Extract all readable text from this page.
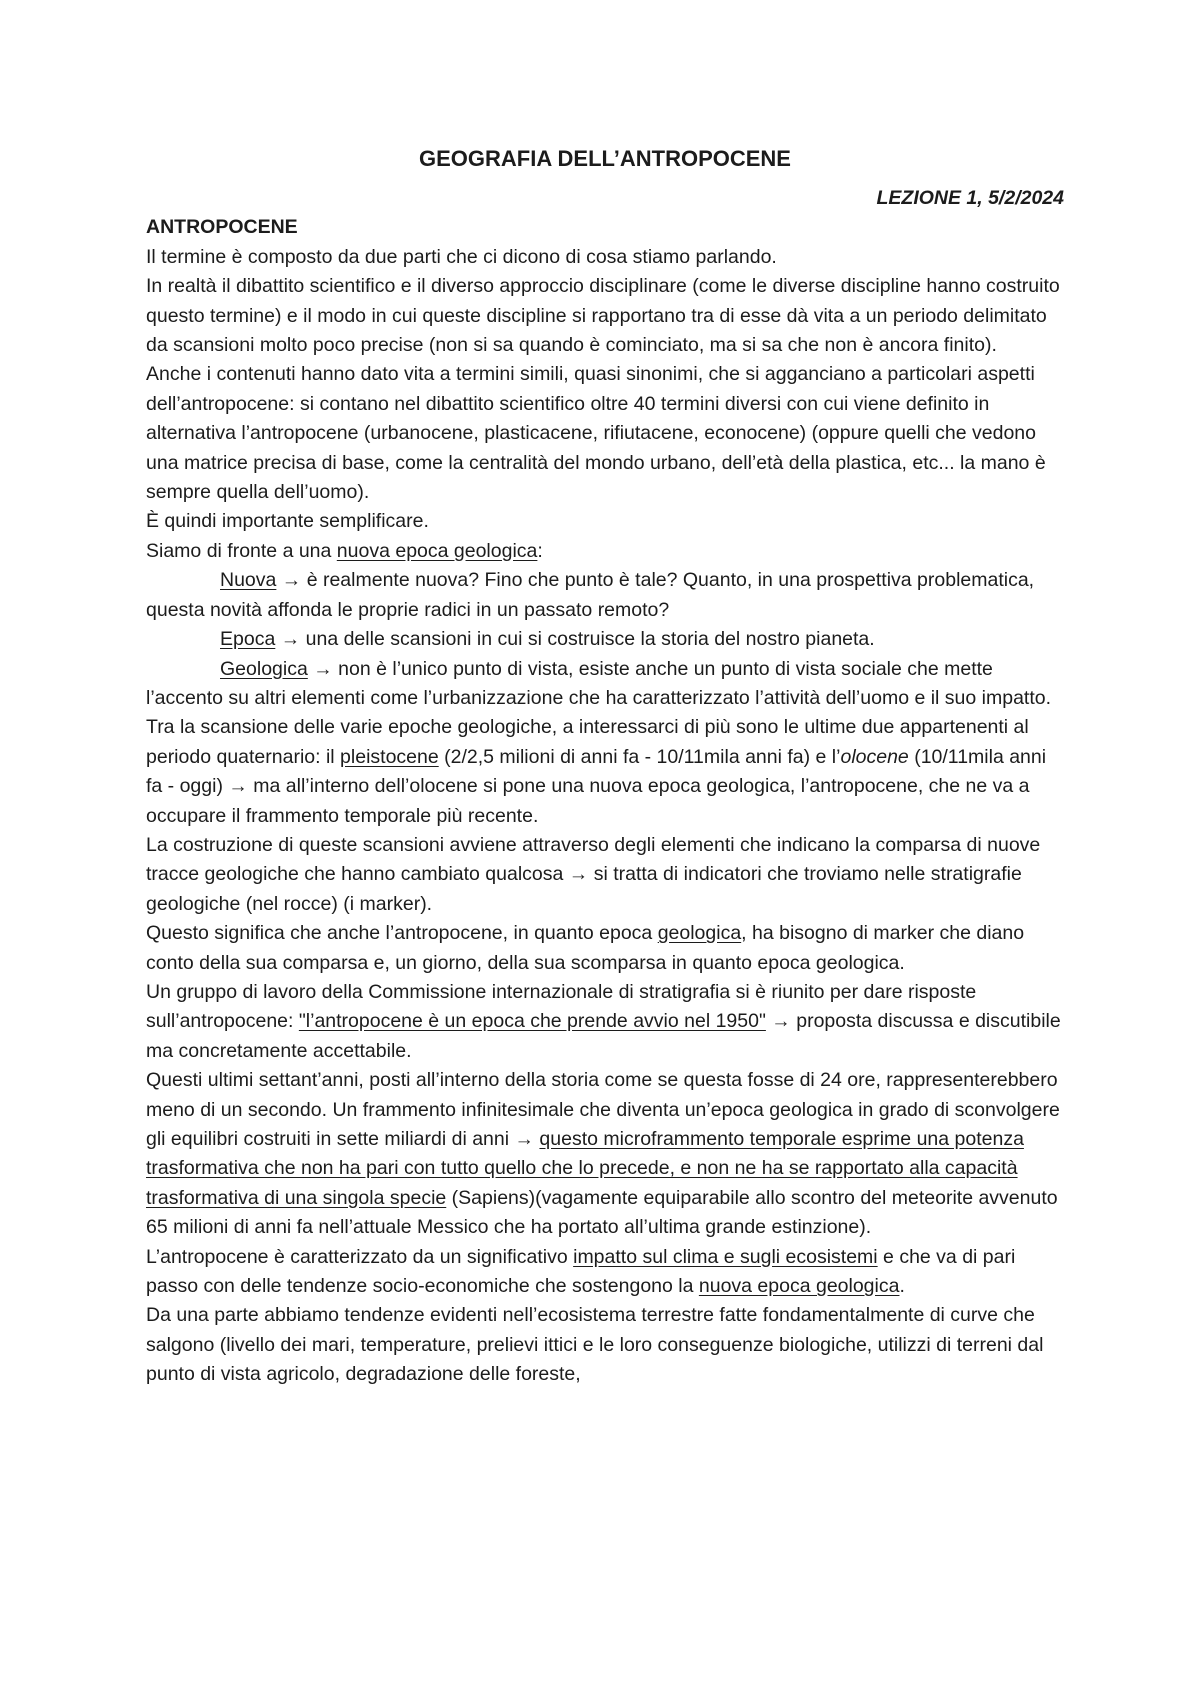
GEOGRAFIA DELL’ANTROPOCENE

LEZIONE 1, 5/2/2024

ANTROPOCENE

Il termine è composto da due parti che ci dicono di cosa stiamo parlando.

In realtà il dibattito scientifico e il diverso approccio disciplinare (come le diverse discipline hanno costruito questo termine) e il modo in cui queste discipline si rapportano tra di esse dà vita a un periodo delimitato da scansioni molto poco precise (non si sa quando è cominciato, ma si sa che non è ancora finito).

Anche i contenuti hanno dato vita a termini simili, quasi sinonimi, che si agganciano a particolari aspetti dell’antropocene: si contano nel dibattito scientifico oltre 40 termini diversi con cui viene definito in alternativa l’antropocene (urbanocene, plasticacene, rifiutacene, econocene) (oppure quelli che vedono una matrice precisa di base, come la centralità del mondo urbano, dell’età della plastica, etc... la mano è sempre quella dell’uomo).

È quindi importante semplificare.

Siamo di fronte a una nuova epoca geologica:

Nuova → è realmente nuova? Fino che punto è tale? Quanto, in una prospettiva problematica, questa novità affonda le proprie radici in un passato remoto?

Epoca → una delle scansioni in cui si costruisce la storia del nostro pianeta.

Geologica → non è l’unico punto di vista, esiste anche un punto di vista sociale che mette l’accento su altri elementi come l’urbanizzazione che ha caratterizzato l’attività dell’uomo e il suo impatto.

Tra la scansione delle varie epoche geologiche, a interessarci di più sono le ultime due appartenenti al periodo quaternario: il pleistocene (2/2,5 milioni di anni fa - 10/11mila anni fa) e l’olocene (10/11mila anni fa - oggi) → ma all’interno dell’olocene si pone una nuova epoca geologica, l’antropocene, che ne va a occupare il frammento temporale più recente.

La costruzione di queste scansioni avviene attraverso degli elementi che indicano la comparsa di nuove tracce geologiche che hanno cambiato qualcosa → si tratta di indicatori che troviamo nelle stratigrafie geologiche (nel rocce) (i marker).

Questo significa che anche l’antropocene, in quanto epoca geologica, ha bisogno di marker che diano conto della sua comparsa e, un giorno, della sua scomparsa in quanto epoca geologica.

Un gruppo di lavoro della Commissione internazionale di stratigrafia si è riunito per dare risposte sull’antropocene: "l’antropocene è un epoca che prende avvio nel 1950" → proposta discussa e discutibile ma concretamente accettabile.

Questi ultimi settant’anni, posti all’interno della storia come se questa fosse di 24 ore, rappresenterebbero meno di un secondo. Un frammento infinitesimale che diventa un’epoca geologica in grado di sconvolgere gli equilibri costruiti in sette miliardi di anni → questo microframmento temporale esprime una potenza trasformativa che non ha pari con tutto quello che lo precede, e non ne ha se rapportato alla capacità trasformativa di una singola specie (Sapiens)(vagamente equiparabile allo scontro del meteorite avvenuto 65 milioni di anni fa nell’attuale Messico che ha portato all’ultima grande estinzione).

L’antropocene è caratterizzato da un significativo impatto sul clima e sugli ecosistemi e che va di pari passo con delle tendenze socio-economiche che sostengono la nuova epoca geologica.

Da una parte abbiamo tendenze evidenti nell’ecosistema terrestre fatte fondamentalmente di curve che salgono (livello dei mari, temperature, prelievi ittici e le loro conseguenze biologiche, utilizzi di terreni dal punto di vista agricolo, degradazione delle foreste,
